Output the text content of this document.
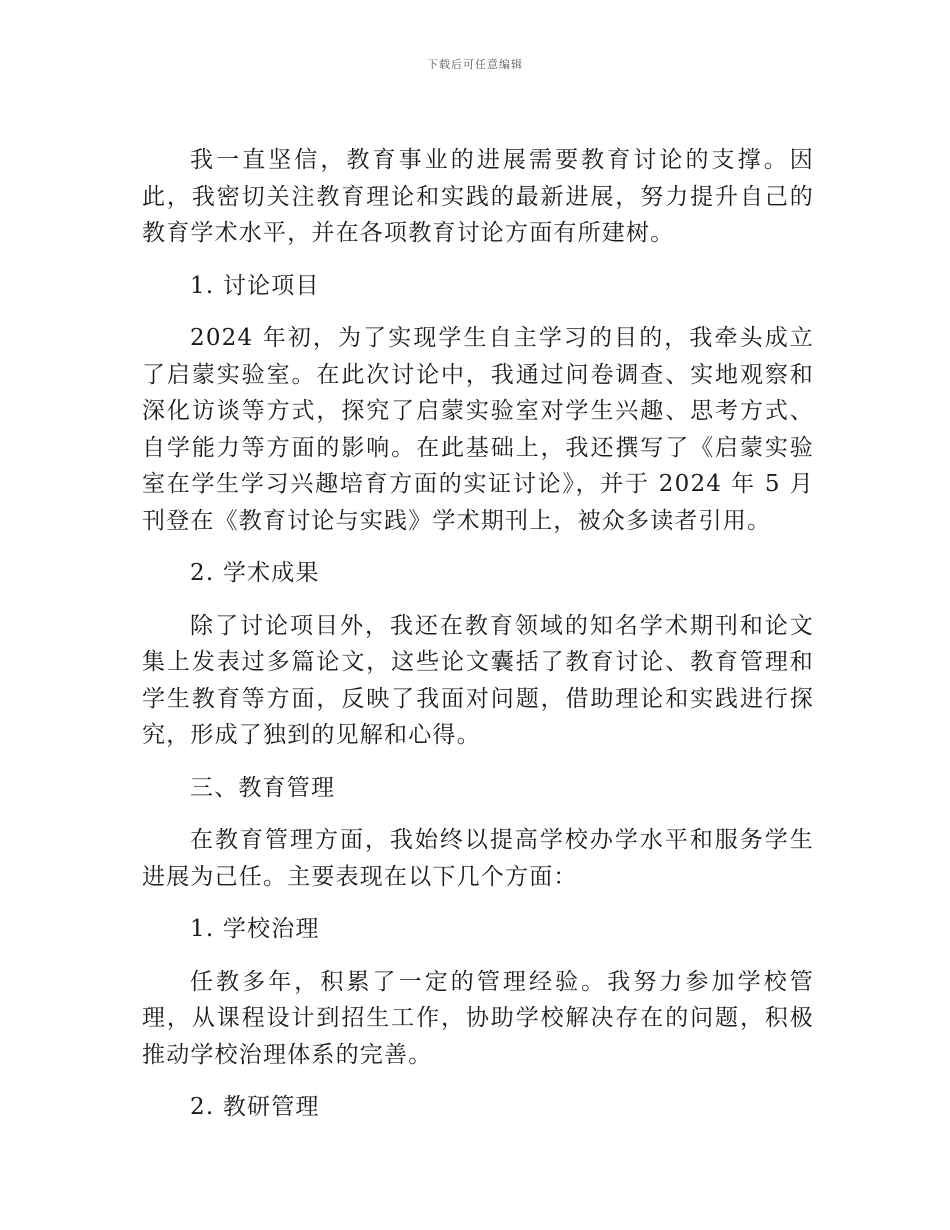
下载后可任意编辑

我一直坚信，教育事业的进展需要教育讨论的支撑。因此，我密切关注教育理论和实践的最新进展，努力提升自己的教育学术水平，并在各项教育讨论方面有所建树。

1. 讨论项目

2024 年初，为了实现学生自主学习的目的，我牵头成立了启蒙实验室。在此次讨论中，我通过问卷调查、实地观察和深化访谈等方式，探究了启蒙实验室对学生兴趣、思考方式、自学能力等方面的影响。在此基础上，我还撰写了《启蒙实验室在学生学习兴趣培育方面的实证讨论》，并于 2024 年 5 月刊登在《教育讨论与实践》学术期刊上，被众多读者引用。

2. 学术成果

除了讨论项目外，我还在教育领域的知名学术期刊和论文集上发表过多篇论文，这些论文囊括了教育讨论、教育管理和学生教育等方面，反映了我面对问题，借助理论和实践进行探究，形成了独到的见解和心得。

三、教育管理

在教育管理方面，我始终以提高学校办学水平和服务学生进展为己任。主要表现在以下几个方面：

1. 学校治理

任教多年，积累了一定的管理经验。我努力参加学校管理，从课程设计到招生工作，协助学校解决存在的问题，积极推动学校治理体系的完善。

2. 教研管理
